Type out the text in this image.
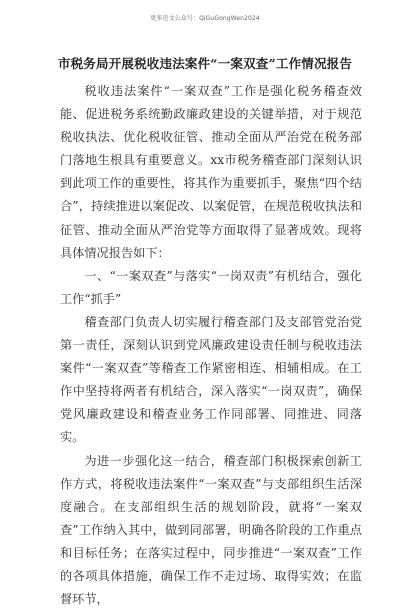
更多范文公众号：QiGuGongWen2024
市税务局开展税收违法案件“一案双查”工作情况报告

税收违法案件“一案双查”工作是强化税务稽查效能、促进税务系统勤政廉政建设的关键举措，对于规范税收执法、优化税收征管、推动全面从严治党在税务部门落地生根具有重要意义。xx市税务稽查部门深刻认识到此项工作的重要性，将其作为重要抓手，聚焦“四个结合”，持续推进以案促改、以案促管，在规范税收执法和征管、推动全面从严治党等方面取得了显著成效。现将具体情况报告如下：

一、“一案双查”与落实“一岗双责”有机结合，强化工作“抓手”

稽查部门负责人切实履行稽查部门及支部管党治党第一责任，深刻认识到党风廉政建设责任制与税收违法案件“一案双查”等稽查工作紧密相连、相辅相成。在工作中坚持将两者有机结合，深入落实“一岗双责”，确保党风廉政建设和稽查业务工作同部署、同推进、同落实。

为进一步强化这一结合，稽查部门积极探索创新工作方式，将税收违法案件“一案双查”与支部组织生活深度融合。在支部组织生活的规划阶段，就将“一案双查”工作纳入其中，做到同部署，明确各阶段的工作重点和目标任务；在落实过程中，同步推进“一案双查”工作的各项具体措施，确保工作不走过场、取得实效；在监督环节，
